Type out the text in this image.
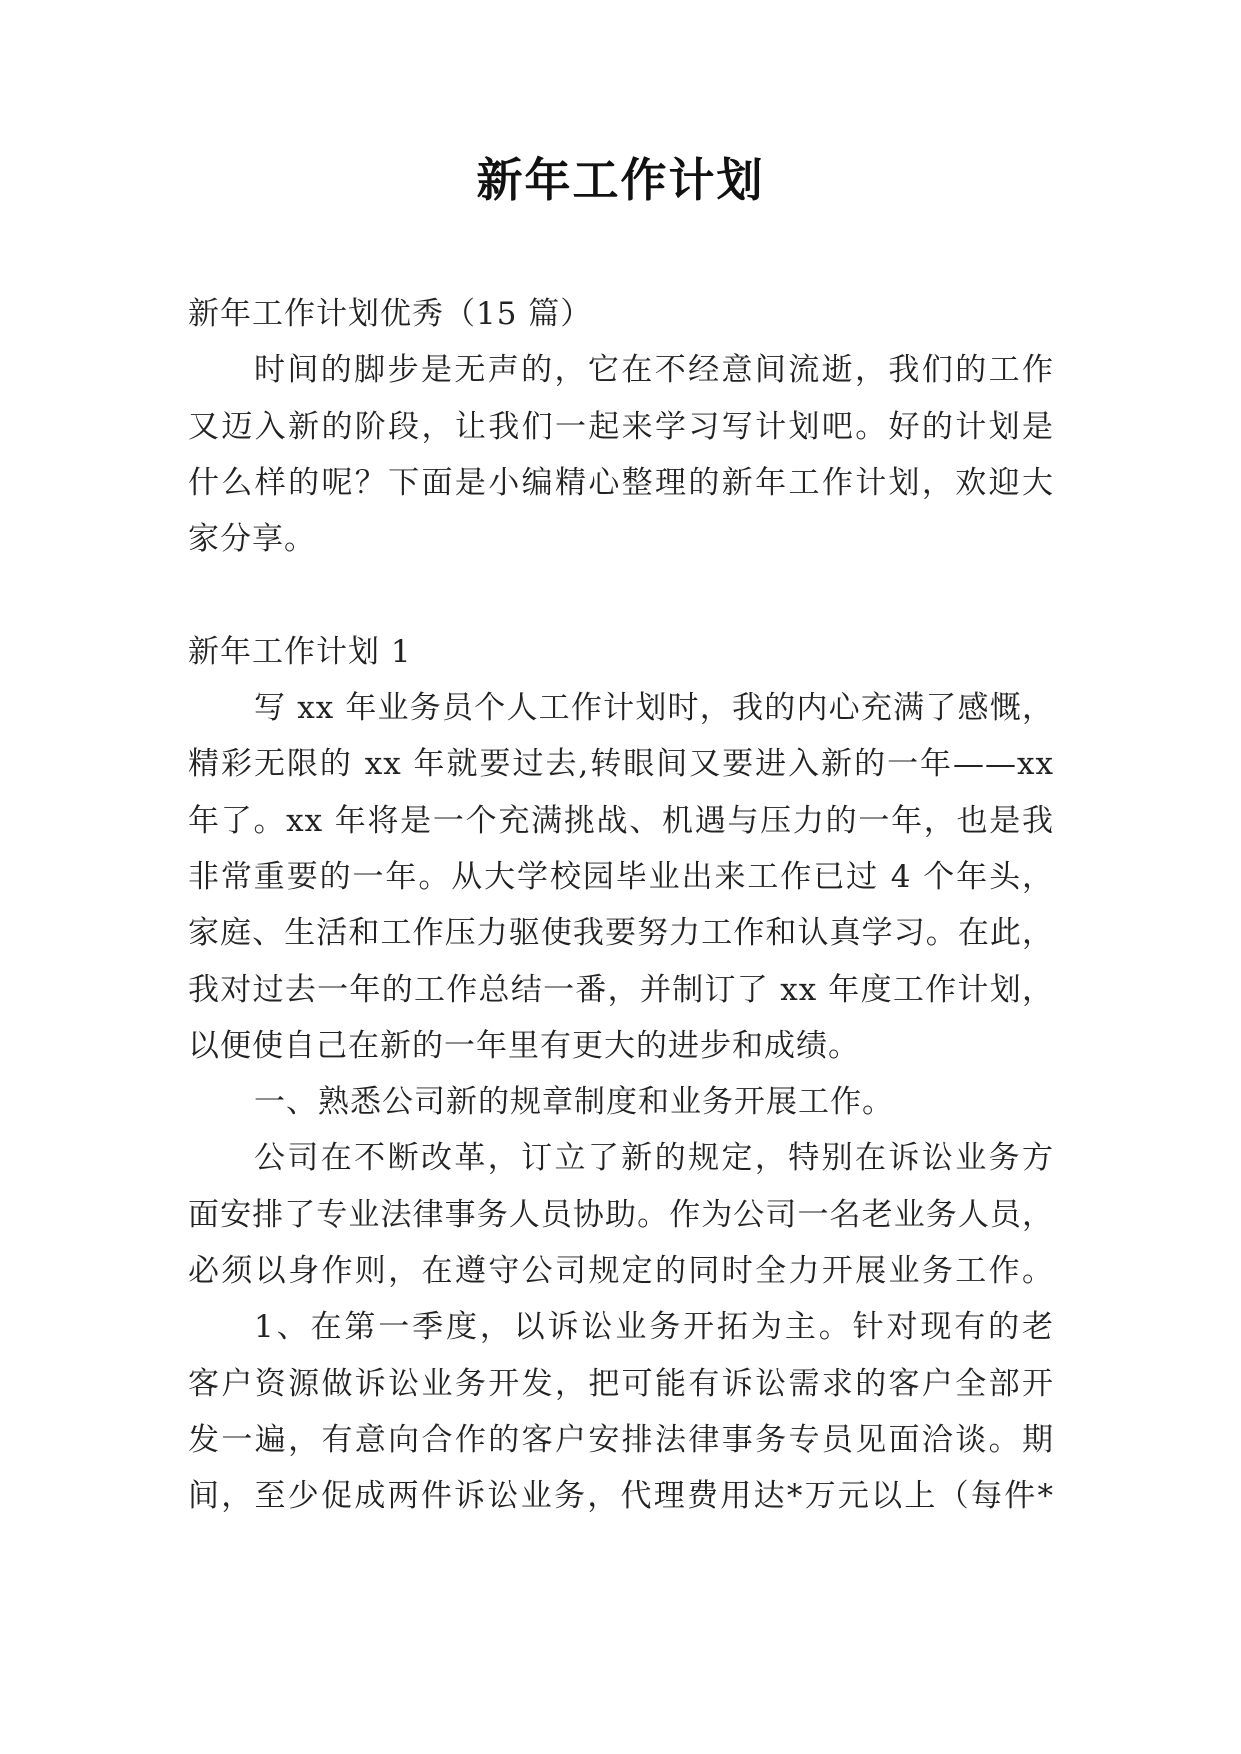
新年工作计划
新年工作计划优秀（15 篇）
时间的脚步是无声的，它在不经意间流逝，我们的工作
又迈入新的阶段，让我们一起来学习写计划吧。好的计划是
什么样的呢？下面是小编精心整理的新年工作计划，欢迎大
家分享。
新年工作计划 1
写 xx 年业务员个人工作计划时，我的内心充满了感慨，
精彩无限的 xx 年就要过去,转眼间又要进入新的一年——xx
年了。xx 年将是一个充满挑战、机遇与压力的一年，也是我
非常重要的一年。从大学校园毕业出来工作已过 4 个年头，
家庭、生活和工作压力驱使我要努力工作和认真学习。在此，
我对过去一年的工作总结一番，并制订了 xx 年度工作计划，
以便使自己在新的一年里有更大的进步和成绩。
一、熟悉公司新的规章制度和业务开展工作。
公司在不断改革，订立了新的规定，特别在诉讼业务方
面安排了专业法律事务人员协助。作为公司一名老业务人员，
必须以身作则，在遵守公司规定的同时全力开展业务工作。
1、在第一季度，以诉讼业务开拓为主。针对现有的老
客户资源做诉讼业务开发，把可能有诉讼需求的客户全部开
发一遍，有意向合作的客户安排法律事务专员见面洽谈。期
间，至少促成两件诉讼业务，代理费用达*万元以上（每件*
